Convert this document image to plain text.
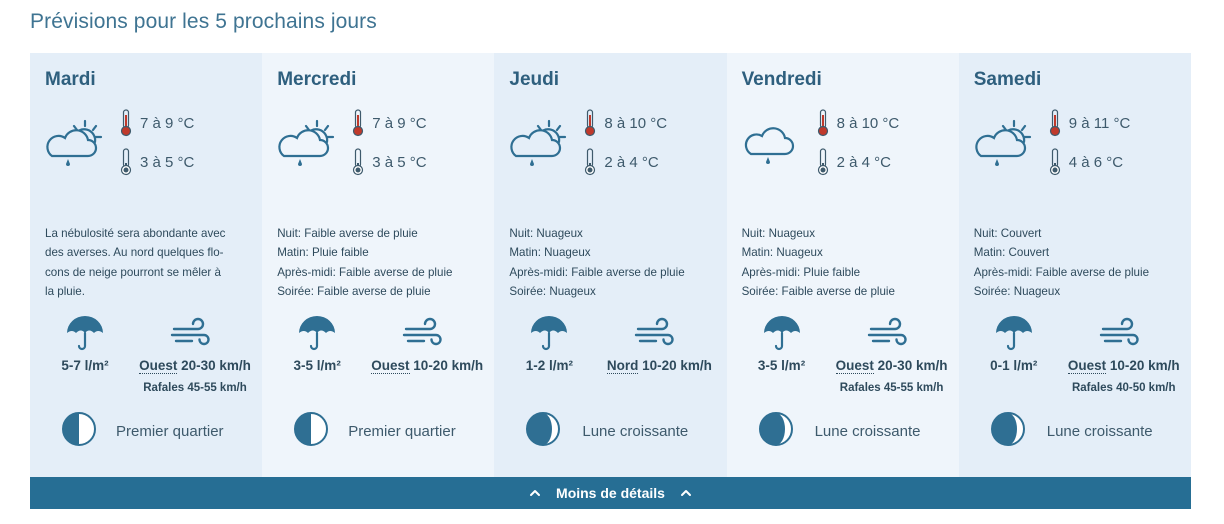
Prévisions pour les 5 prochains jours
Mardi
7 à 9 °C
3 à 5 °C
La nébulosité sera abondante avec
des averses. Au nord quelques flo-
cons de neige pourront se mêler à
la pluie.
5-7 l/m²	Ouest 20-30 km/h
Rafales 45-55 km/h
Premier quartier
Mercredi
7 à 9 °C
3 à 5 °C
Nuit: Faible averse de pluie
Matin: Pluie faible
Après-midi: Faible averse de pluie
Soirée: Faible averse de pluie
3-5 l/m²	Ouest 10-20 km/h
Premier quartier
Jeudi
8 à 10 °C
2 à 4 °C
Nuit: Nuageux
Matin: Nuageux
Après-midi: Faible averse de pluie
Soirée: Nuageux
1-2 l/m²	Nord 10-20 km/h
Lune croissante
Vendredi
8 à 10 °C
2 à 4 °C
Nuit: Nuageux
Matin: Nuageux
Après-midi: Pluie faible
Soirée: Faible averse de pluie
3-5 l/m²	Ouest 20-30 km/h
Rafales 45-55 km/h
Lune croissante
Samedi
9 à 11 °C
4 à 6 °C
Nuit: Couvert
Matin: Couvert
Après-midi: Faible averse de pluie
Soirée: Nuageux
0-1 l/m²	Ouest 10-20 km/h
Rafales 40-50 km/h
Lune croissante
Moins de détails
